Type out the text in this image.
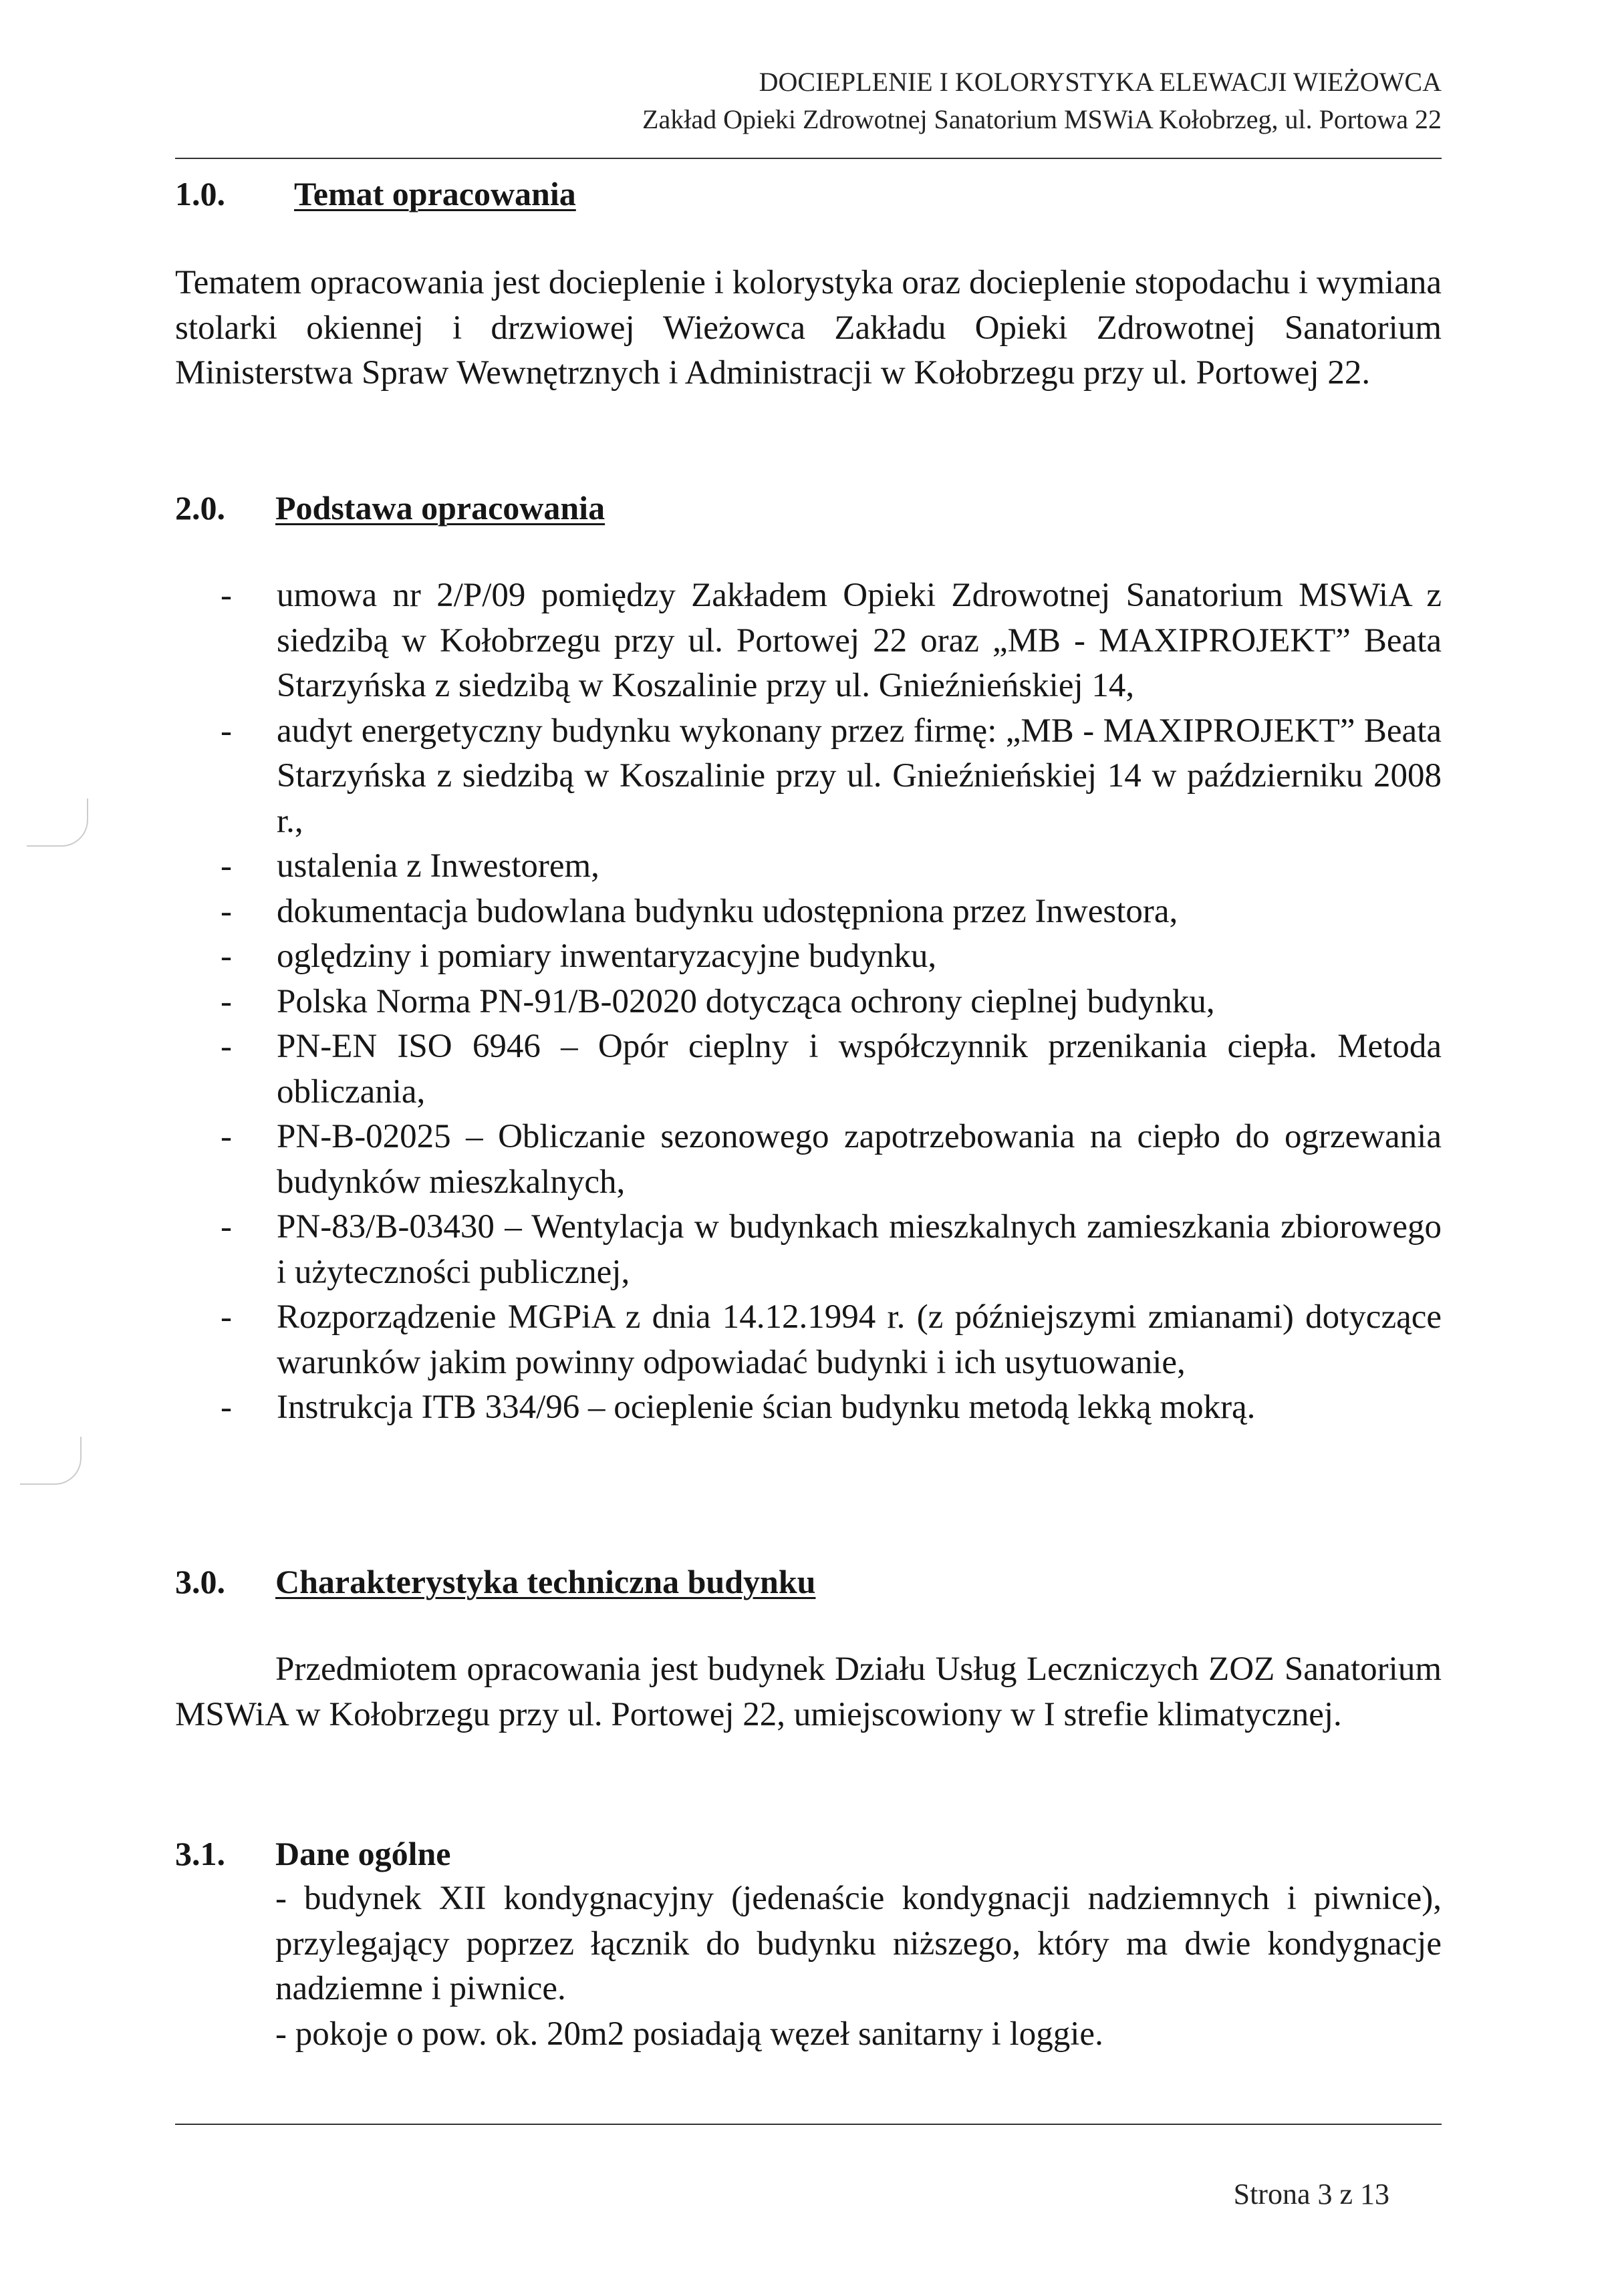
DOCIEPLENIE I KOLORYSTYKA ELEWACJI WIEŻOWCA
Zakład Opieki Zdrowotnej Sanatorium MSWiA Kołobrzeg, ul. Portowa 22
1.0. Temat opracowania
Tematem opracowania jest docieplenie i kolorystyka oraz docieplenie stopodachu i wymiana stolarki okiennej i drzwiowej Wieżowca Zakładu Opieki Zdrowotnej Sanatorium Ministerstwa Spraw Wewnętrznych i Administracji w Kołobrzegu przy ul. Portowej 22.
2.0. Podstawa opracowania
- umowa nr 2/P/09 pomiędzy Zakładem Opieki Zdrowotnej Sanatorium MSWiA z siedzibą w Kołobrzegu przy ul. Portowej 22 oraz „MB - MAXIPROJEKT” Beata Starzyńska z siedzibą w Koszalinie przy ul. Gnieźnieńskiej 14,
- audyt energetyczny budynku wykonany przez firmę: „MB - MAXIPROJEKT” Beata Starzyńska z siedzibą w Koszalinie przy ul. Gnieźnieńskiej 14 w październiku 2008 r.,
- ustalenia z Inwestorem,
- dokumentacja budowlana budynku udostępniona przez Inwestora,
- oględziny i pomiary inwentaryzacyjne budynku,
- Polska Norma PN-91/B-02020 dotycząca ochrony cieplnej budynku,
- PN-EN ISO 6946 – Opór cieplny i współczynnik przenikania ciepła. Metoda obliczania,
- PN-B-02025 – Obliczanie sezonowego zapotrzebowania na ciepło do ogrzewania budynków mieszkalnych,
- PN-83/B-03430 – Wentylacja w budynkach mieszkalnych zamieszkania zbiorowego i użyteczności publicznej,
- Rozporządzenie MGPiA z dnia 14.12.1994 r. (z późniejszymi zmianami) dotyczące warunków jakim powinny odpowiadać budynki i ich usytuowanie,
- Instrukcja ITB 334/96 – ocieplenie ścian budynku metodą lekką mokrą.
3.0. Charakterystyka techniczna budynku
Przedmiotem opracowania jest budynek Działu Usług Leczniczych ZOZ Sanatorium MSWiA w Kołobrzegu przy ul. Portowej 22, umiejscowiony w I strefie klimatycznej.
3.1. Dane ogólne
- budynek XII kondygnacyjny (jedenaście kondygnacji nadziemnych i piwnice), przylegający poprzez łącznik do budynku niższego, który ma dwie kondygnacje nadziemne i piwnice.
- pokoje o pow. ok. 20m2 posiadają węzeł sanitarny i loggie.
Strona 3 z 13
